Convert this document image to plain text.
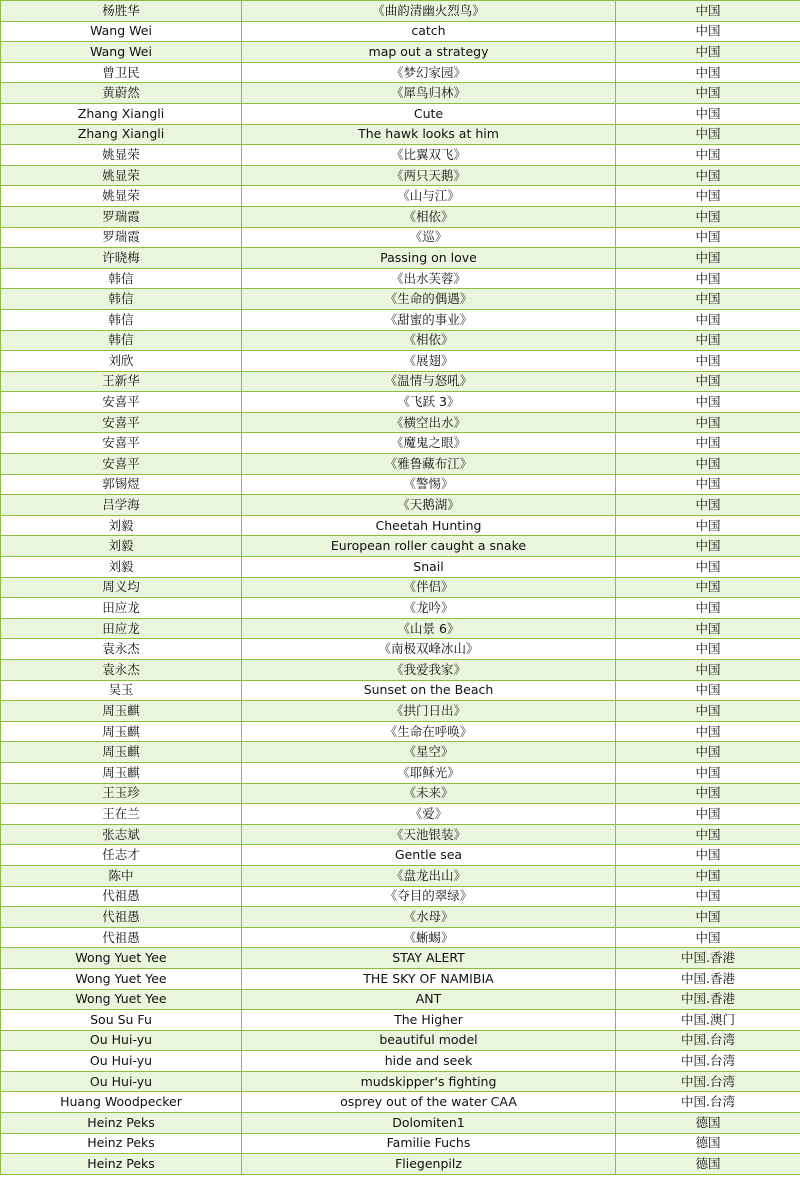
杨胜华	《曲韵清幽火烈鸟》	中国
Wang Wei	catch	中国
Wang Wei	map out a strategy	中国
曾卫民	《梦幻家园》	中国
黄蔚然	《犀鸟归林》	中国
Zhang Xiangli	Cute	中国
Zhang Xiangli	The hawk looks at him	中国
姚显荣	《比翼双飞》	中国
姚显荣	《两只天鹅》	中国
姚显荣	《山与江》	中国
罗瑞霞	《相依》	中国
罗瑞霞	《巡》	中国
许晓梅	Passing on love	中国
韩信	《出水芙蓉》	中国
韩信	《生命的偶遇》	中国
韩信	《甜蜜的事业》	中国
韩信	《相依》	中国
刘欣	《展翅》	中国
王新华	《温情与怒吼》	中国
安喜平	《飞跃 3》	中国
安喜平	《横空出水》	中国
安喜平	《魔鬼之眼》	中国
安喜平	《雅鲁藏布江》	中国
郭锡煜	《警惕》	中国
吕学海	《天鹅湖》	中国
刘毅	Cheetah Hunting	中国
刘毅	European roller caught a snake	中国
刘毅	Snail	中国
周义均	《伴侣》	中国
田应龙	《龙吟》	中国
田应龙	《山景 6》	中国
袁永杰	《南极双峰冰山》	中国
袁永杰	《我爱我家》	中国
吴玉	Sunset on the Beach	中国
周玉麒	《拱门日出》	中国
周玉麒	《生命在呼唤》	中国
周玉麒	《星空》	中国
周玉麒	《耶稣光》	中国
王玉珍	《未来》	中国
王在兰	《爱》	中国
张志斌	《天池银装》	中国
任志才	Gentle sea	中国
陈中	《盘龙出山》	中国
代祖愚	《夺目的翠绿》	中国
代祖愚	《水母》	中国
代祖愚	《蜥蜴》	中国
Wong Yuet Yee	STAY ALERT	中国.香港
Wong Yuet Yee	THE SKY OF NAMIBIA	中国.香港
Wong Yuet Yee	ANT	中国.香港
Sou Su Fu	The Higher	中国.澳门
Ou Hui-yu	beautiful model	中国.台湾
Ou Hui-yu	hide and seek	中国.台湾
Ou Hui-yu	mudskipper's fighting	中国.台湾
Huang Woodpecker	osprey out of the water CAA	中国.台湾
Heinz Peks	Dolomiten1	德国
Heinz Peks	Familie Fuchs	德国
Heinz Peks	Fliegenpilz	德国
